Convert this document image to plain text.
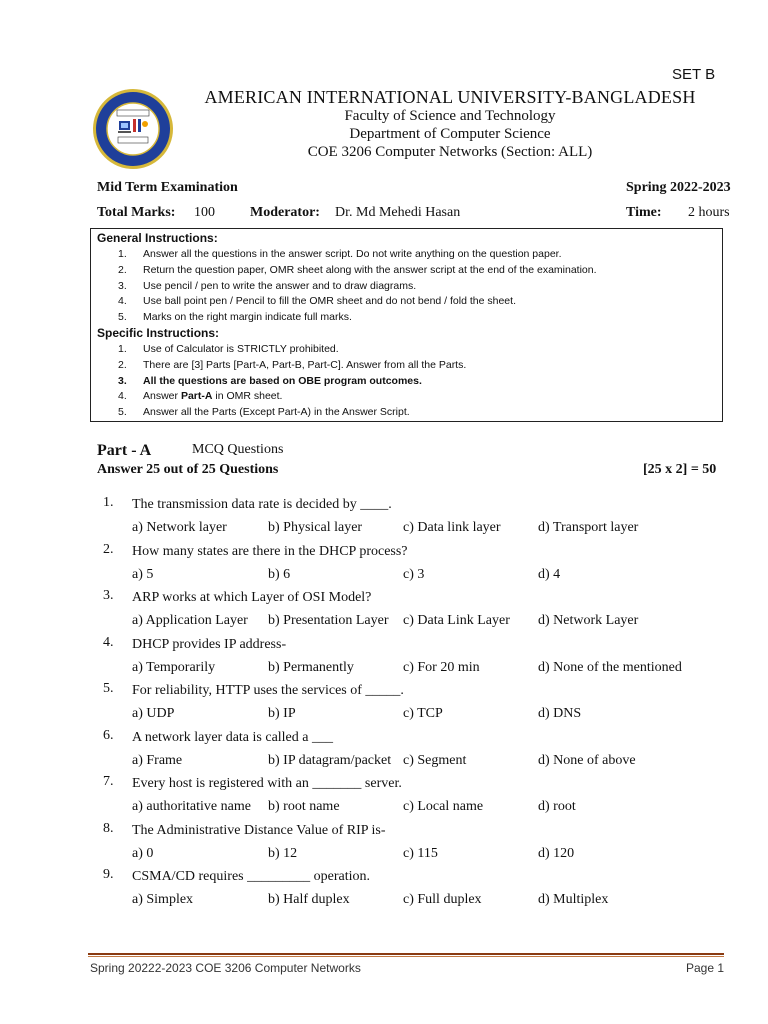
SET B
AMERICAN INTERNATIONAL UNIVERSITY-BANGLADESH
Faculty of Science and Technology
Department of Computer Science
COE 3206 Computer Networks (Section: ALL)
Mid Term Examination	Spring 2022-2023
Total Marks: 100	Moderator: Dr. Md Mehedi Hasan	Time: 2 hours
General Instructions:
1. Answer all the questions in the answer script. Do not write anything on the question paper.
2. Return the question paper, OMR sheet along with the answer script at the end of the examination.
3. Use pencil / pen to write the answer and to draw diagrams.
4. Use ball point pen / Pencil to fill the OMR sheet and do not bend / fold the sheet.
5. Marks on the right margin indicate full marks.
Specific Instructions:
1. Use of Calculator is STRICTLY prohibited.
2. There are [3] Parts [Part-A, Part-B, Part-C]. Answer from all the Parts.
3. All the questions are based on OBE program outcomes.
4. Answer Part-A in OMR sheet.
5. Answer all the Parts (Except Part-A) in the Answer Script.
Part - A	MCQ Questions
Answer 25 out of 25 Questions	[25 x 2] = 50
1. The transmission data rate is decided by ____.
a) Network layer	b) Physical layer	c) Data link layer	d) Transport layer
2. How many states are there in the DHCP process?
a) 5	b) 6	c) 3	d) 4
3. ARP works at which Layer of OSI Model?
a) Application Layer b) Presentation Layer c) Data Link Layer d) Network Layer
4. DHCP provides IP address-
a) Temporarily	b) Permanently	c) For 20 min	d) None of the mentioned
5. For reliability, HTTP uses the services of _____.
a) UDP	b) IP	c) TCP	d) DNS
6. A network layer data is called a ___
a) Frame	b) IP datagram/packet c) Segment	d) None of above
7. Every host is registered with an _______ server.
a) authoritative name b) root name	c) Local name	d) root
8. The Administrative Distance Value of RIP is-
a) 0	b) 12	c) 115	d) 120
9. CSMA/CD requires _________ operation.
a) Simplex	b) Half duplex	c) Full duplex	d) Multiplex
Spring 20222-2023 COE 3206 Computer Networks	Page 1
